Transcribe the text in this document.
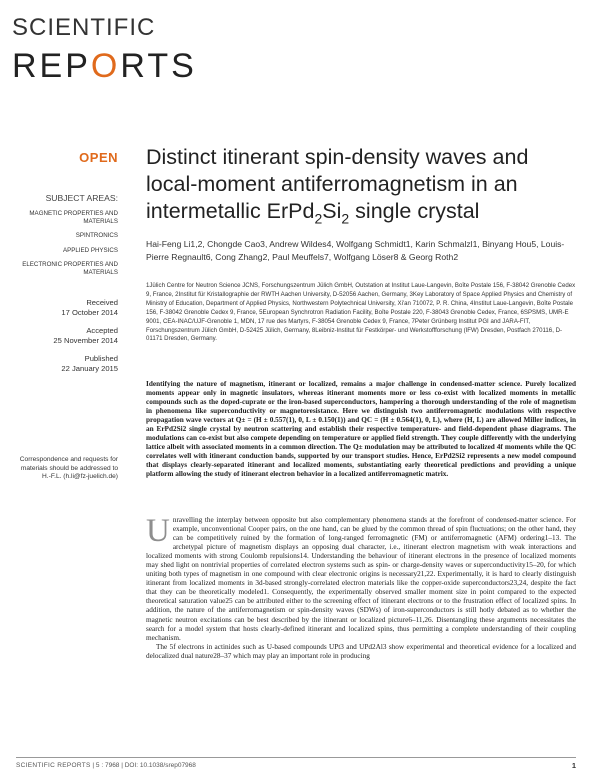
SCIENTIFIC
REPORTS
OPEN
SUBJECT AREAS:
MAGNETIC PROPERTIES AND MATERIALS
SPINTRONICS
APPLIED PHYSICS
ELECTRONIC PROPERTIES AND MATERIALS
Received
17 October 2014
Accepted
25 November 2014
Published
22 January 2015
Correspondence and requests for materials should be addressed to H.-F.L. (h.li@fz-juelich.de)
Distinct itinerant spin-density waves and local-moment antiferromagnetism in an intermetallic $ErPd_2Si_2$ single crystal
Hai-Feng Li1,2, Chongde Cao3, Andrew Wildes4, Wolfgang Schmidt1, Karin Schmalzl1, Binyang Hou5, Louis-Pierre Regnault6, Cong Zhang2, Paul Meuffels7, Wolfgang Löser8 & Georg Roth2
1Jülich Centre for Neutron Science JCNS, Forschungszentrum Jülich GmbH, Outstation at Institut Laue-Langevin, Boîte Postale 156, F-38042 Grenoble Cedex 9, France, 2Institut für Kristallographie der RWTH Aachen University, D-52056 Aachen, Germany, 3Key Laboratory of Space Applied Physics and Chemistry of Ministry of Education, Department of Applied Physics, Northwestern Polytechnical University, Xi'an 710072, P. R. China, 4Institut Laue-Langevin, Boîte Postale 156, F-38042 Grenoble Cedex 9, France, 5European Synchrotron Radiation Facility, Boîte Postale 220, F-38043 Grenoble Cedex, France, 6SPSMS, UMR-E 9001, CEA-INAC/UJF-Grenoble 1, MDN, 17 rue des Martyrs, F-38054 Grenoble Cedex 9, France, 7Peter Grünberg Institut PGI and JARA-FIT, Forschungszentrum Jülich GmbH, D-52425 Jülich, Germany, 8Leibniz-Institut für Festkörper- und Werkstoffforschung (IFW) Dresden, Postfach 270116, D-01171 Dresden, Germany.
Identifying the nature of magnetism, itinerant or localized, remains a major challenge in condensed-matter science. Purely localized moments appear only in magnetic insulators, whereas itinerant moments more or less co-exist with localized moments in metallic compounds such as the doped-cuprate or the iron-based superconductors, hampering a thorough understanding of the role of magnetism in phenomena like superconductivity or magnetoresistance. Here we distinguish two antiferromagnetic modulations with respective propagation wave vectors at Q± = (H ± 0.557(1), 0, L ± 0.150(1)) and QC = (H ± 0.564(1), 0, L), where (H, L) are allowed Miller indices, in an ErPd2Si2 single crystal by neutron scattering and establish their respective temperature- and field-dependent phase diagrams. The modulations can co-exist but also compete depending on temperature or applied field strength. They couple differently with the underlying lattice albeit with associated moments in a common direction. The Q± modulation may be attributed to localized 4f moments while the QC correlates well with itinerant conduction bands, supported by our transport studies. Hence, ErPd2Si2 represents a new model compound that displays clearly-separated itinerant and localized moments, substantiating early theoretical predictions and providing a unique platform allowing the study of itinerant electron behavior in a localized antiferromagnetic matrix.

Unravelling the interplay between opposite but also complementary phenomena stands at the forefront of condensed-matter science. For example, unconventional Cooper pairs, on the one hand, can be glued by the common thread of spin fluctuations; on the other hand, they can be competitively ruined by the formation of long-ranged ferromagnetic (FM) or antiferromagnetic (AFM) ordering1–13. The archetypal picture of magnetism displays an opposing dual character, i.e., itinerant electron magnetism with weak interactions and localized moments with strong Coulomb repulsions14. Understanding the behaviour of itinerant electrons in the presence of localized moments may shed light on nontrivial properties of correlated electron systems such as spin- or charge-density waves or superconductivity15–20, for which uniting both types of magnetism in one compound with clear electronic origins is necessary21,22. Experimentally, it is hard to clearly distinguish itinerant from localized moments in 3d-based strongly-correlated electron materials like the copper-oxide superconductors23,24, despite the fact that they can be theoretically modeled1. Consequently, the experimentally observed smaller moment size in point compared to the expected theoretical saturation value25 can be attributed either to the screening effect of itinerant electrons or to the frustration effect of localized spins. In addition, the nature of the antiferromagnetism or spin-density waves (SDWs) of iron-superconductors is still hotly debated as to whether the magnetic neutron excitations can be best described by the itinerant or localized picture6–11,26. Disentangling these arguments necessitates the search for a model system that hosts clearly-defined itinerant and localized spins, thus permitting a complete understanding of their coupling mechanism.

The 5f electrons in actinides such as U-based compounds UPt3 and UPd2Al3 show experimental and theoretical evidence for a localized and delocalized dual nature28–37 which may play an important role in producing

SCIENTIFIC REPORTS | 5 : 7968 | DOI: 10.1038/srep07968	1
